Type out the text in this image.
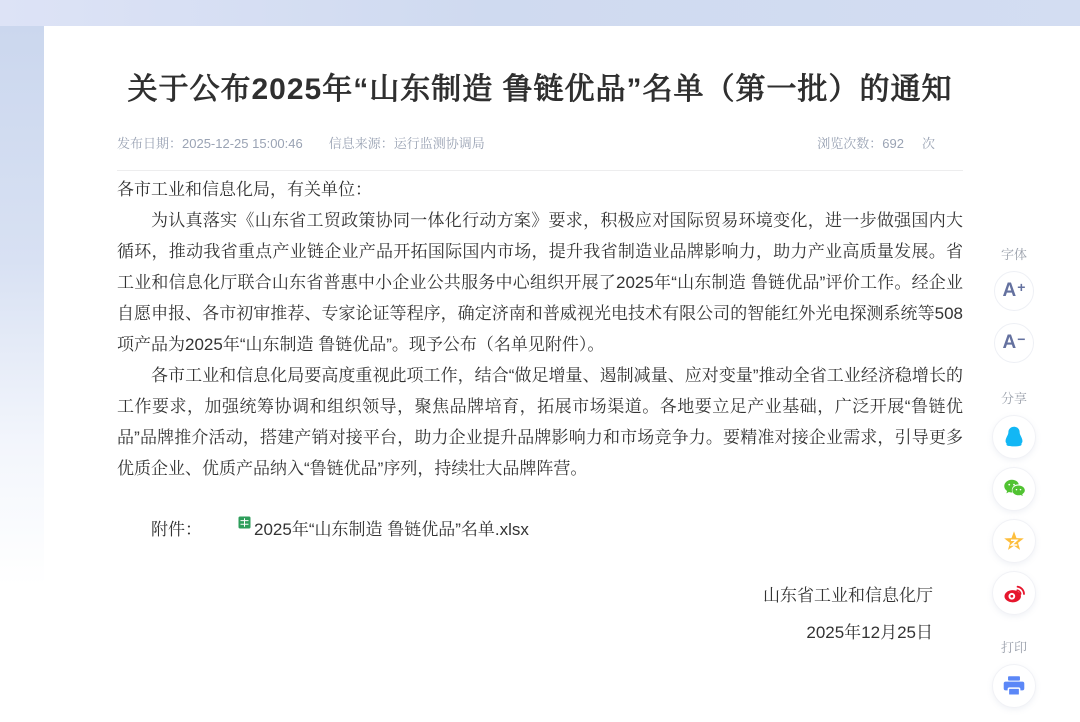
关于公布2025年“山东制造 鲁链优品”名单（第一批）的通知
发布日期：2025-12-25 15:00:46 信息来源：运行监测协调局	浏览次数：692 次

各市工业和信息化局，有关单位：

为认真落实《山东省工贸政策协同一体化行动方案》要求，积极应对国际贸易环境变化，进一步做强国内大循环，推动我省重点产业链企业产品开拓国际国内市场，提升我省制造业品牌影响力，助力产业高质量发展。省工业和信息化厅联合山东省普惠中小企业公共服务中心组织开展了2025年“山东制造 鲁链优品”评价工作。经企业自愿申报、各市初审推荐、专家论证等程序，确定济南和普威视光电技术有限公司的智能红外光电探测系统等508项产品为2025年“山东制造 鲁链优品”。现予公布（名单见附件）。

各市工业和信息化局要高度重视此项工作，结合“做足增量、遏制减量、应对变量”推动全省工业经济稳增长的工作要求，加强统筹协调和组织领导，聚焦品牌培育，拓展市场渠道。各地要立足产业基础，广泛开展“鲁链优品”品牌推介活动，搭建产销对接平台，助力企业提升品牌影响力和市场竞争力。要精准对接企业需求，引导更多优质企业、优质产品纳入“鲁链优品”序列，持续壮大品牌阵营。

附件：	2025年“山东制造 鲁链优品”名单.xlsx
山东省工业和信息化厅
2025年12月25日
字体
A +
A −
分享
打印
